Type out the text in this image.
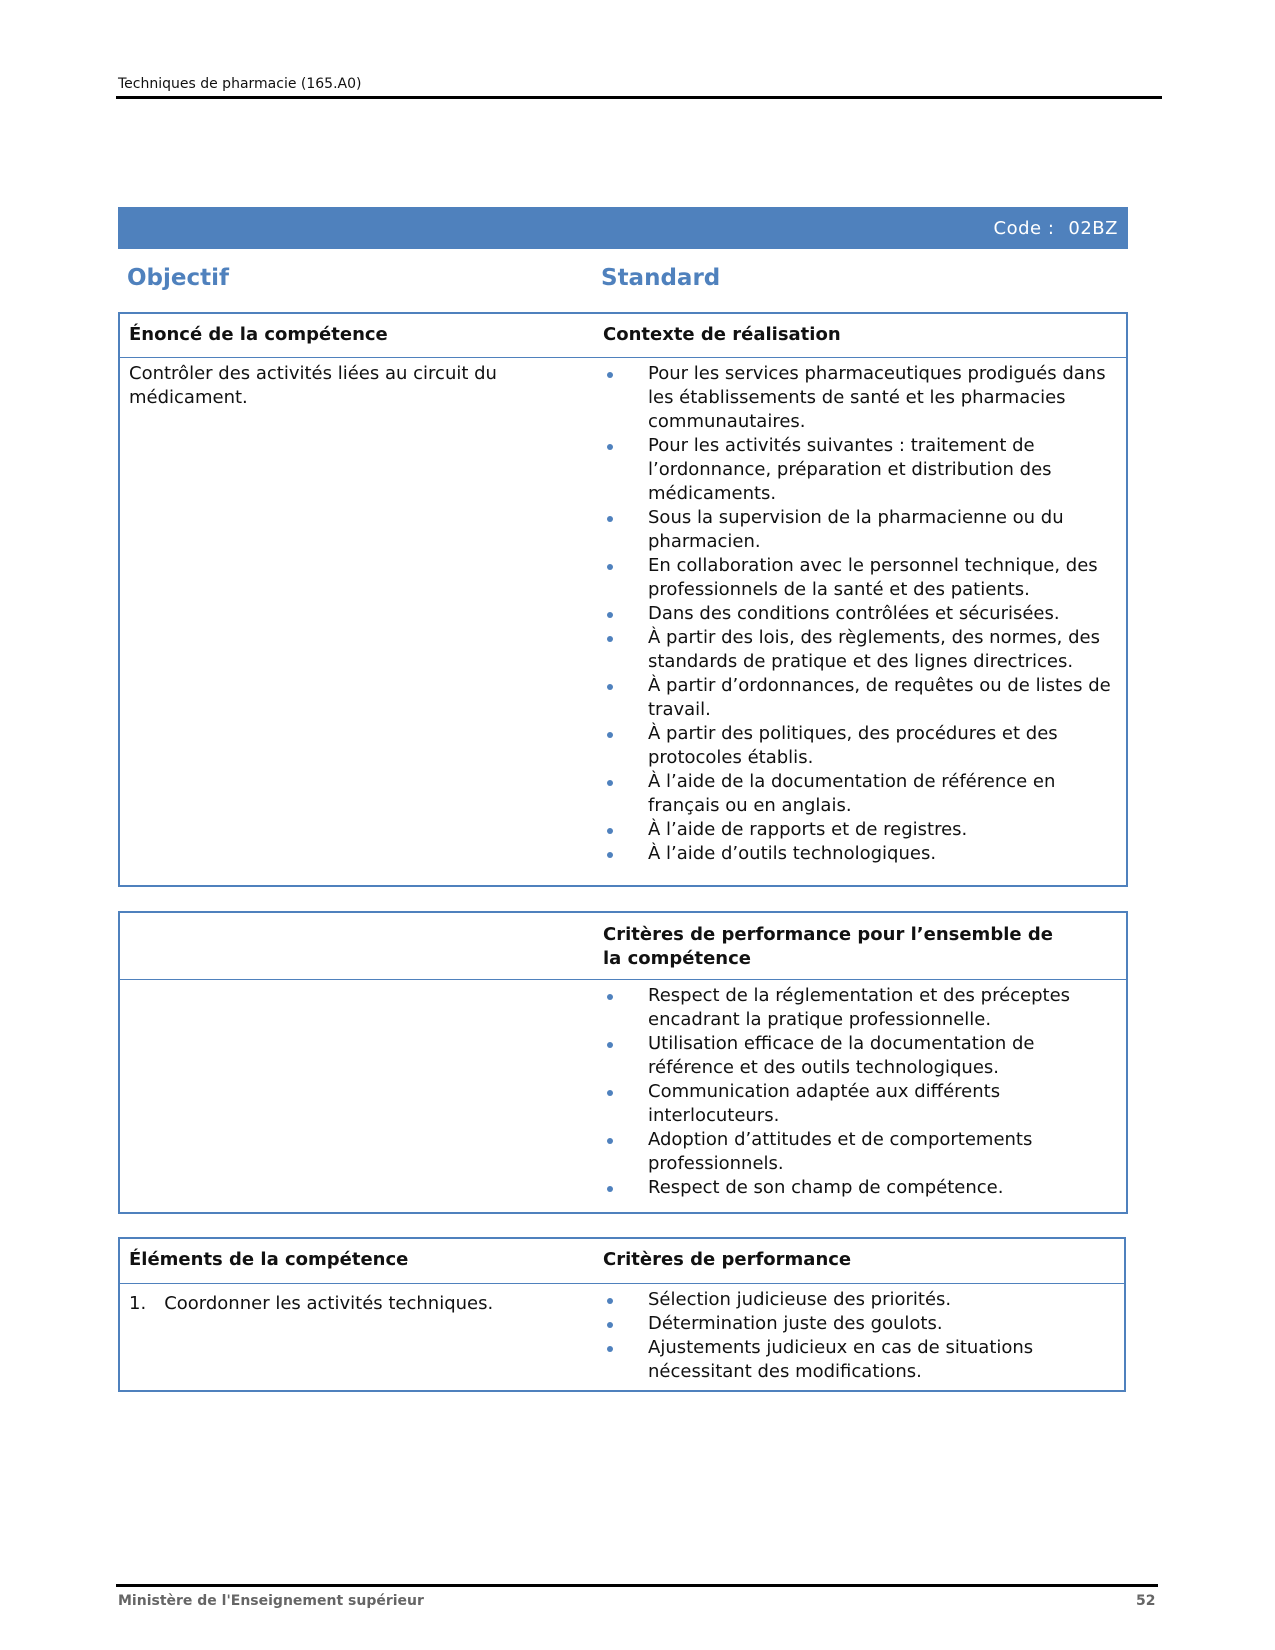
Techniques de pharmacie (165.A0)
Code : 02BZ
Objectif	Standard
Énoncé de la compétence	Contexte de réalisation
Contrôler des activités liées au circuit du médicament.
Pour les services pharmaceutiques prodigués dans les établissements de santé et les pharmacies communautaires.
Pour les activités suivantes : traitement de l’ordonnance, préparation et distribution des médicaments.
Sous la supervision de la pharmacienne ou du pharmacien.
En collaboration avec le personnel technique, des professionnels de la santé et des patients.
Dans des conditions contrôlées et sécurisées.
À partir des lois, des règlements, des normes, des standards de pratique et des lignes directrices.
À partir d’ordonnances, de requêtes ou de listes de travail.
À partir des politiques, des procédures et des protocoles établis.
À l’aide de la documentation de référence en français ou en anglais.
À l’aide de rapports et de registres.
À l’aide d’outils technologiques.
Critères de performance pour l’ensemble de la compétence
Respect de la réglementation et des préceptes encadrant la pratique professionnelle.
Utilisation efficace de la documentation de référence et des outils technologiques.
Communication adaptée aux différents interlocuteurs.
Adoption d’attitudes et de comportements professionnels.
Respect de son champ de compétence.
Éléments de la compétence	Critères de performance
1. Coordonner les activités techniques.	Sélection judicieuse des priorités.
Détermination juste des goulots.
Ajustements judicieux en cas de situations nécessitant des modifications.
Ministère de l'Enseignement supérieur	52
